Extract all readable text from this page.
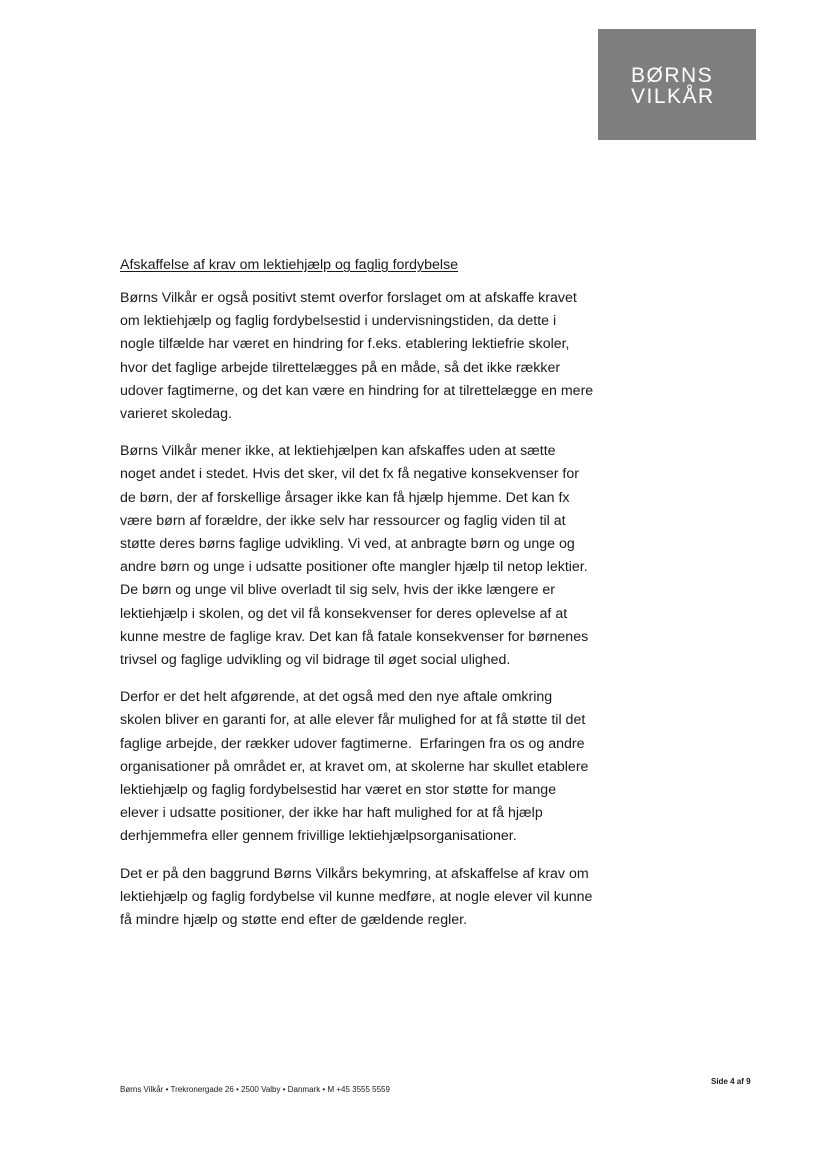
BØRNS
VILKÅR
Afskaffelse af krav om lektiehjælp og faglig fordybelse

Børns Vilkår er også positivt stemt overfor forslaget om at afskaffe kravet
om lektiehjælp og faglig fordybelsestid i undervisningstiden, da dette i
nogle tilfælde har været en hindring for f.eks. etablering lektiefrie skoler,
hvor det faglige arbejde tilrettelægges på en måde, så det ikke rækker
udover fagtimerne, og det kan være en hindring for at tilrettelægge en mere
varieret skoledag.

Børns Vilkår mener ikke, at lektiehjælpen kan afskaffes uden at sætte
noget andet i stedet. Hvis det sker, vil det fx få negative konsekvenser for
de børn, der af forskellige årsager ikke kan få hjælp hjemme. Det kan fx
være børn af forældre, der ikke selv har ressourcer og faglig viden til at
støtte deres børns faglige udvikling. Vi ved, at anbragte børn og unge og
andre børn og unge i udsatte positioner ofte mangler hjælp til netop lektier.
De børn og unge vil blive overladt til sig selv, hvis der ikke længere er
lektiehjælp i skolen, og det vil få konsekvenser for deres oplevelse af at
kunne mestre de faglige krav. Det kan få fatale konsekvenser for børnenes
trivsel og faglige udvikling og vil bidrage til øget social ulighed.

Derfor er det helt afgørende, at det også med den nye aftale omkring
skolen bliver en garanti for, at alle elever får mulighed for at få støtte til det
faglige arbejde, der rækker udover fagtimerne.  Erfaringen fra os og andre
organisationer på området er, at kravet om, at skolerne har skullet etablere
lektiehjælp og faglig fordybelsestid har været en stor støtte for mange
elever i udsatte positioner, der ikke har haft mulighed for at få hjælp
derhjemmefra eller gennem frivillige lektiehjælpsorganisationer.

Det er på den baggrund Børns Vilkårs bekymring, at afskaffelse af krav om
lektiehjælp og faglig fordybelse vil kunne medføre, at nogle elever vil kunne
få mindre hjælp og støtte end efter de gældende regler.

Børns Vilkår • Trekronergade 26 • 2500 Valby • Danmark • M +45 3555 5559
Side 4 af 9
